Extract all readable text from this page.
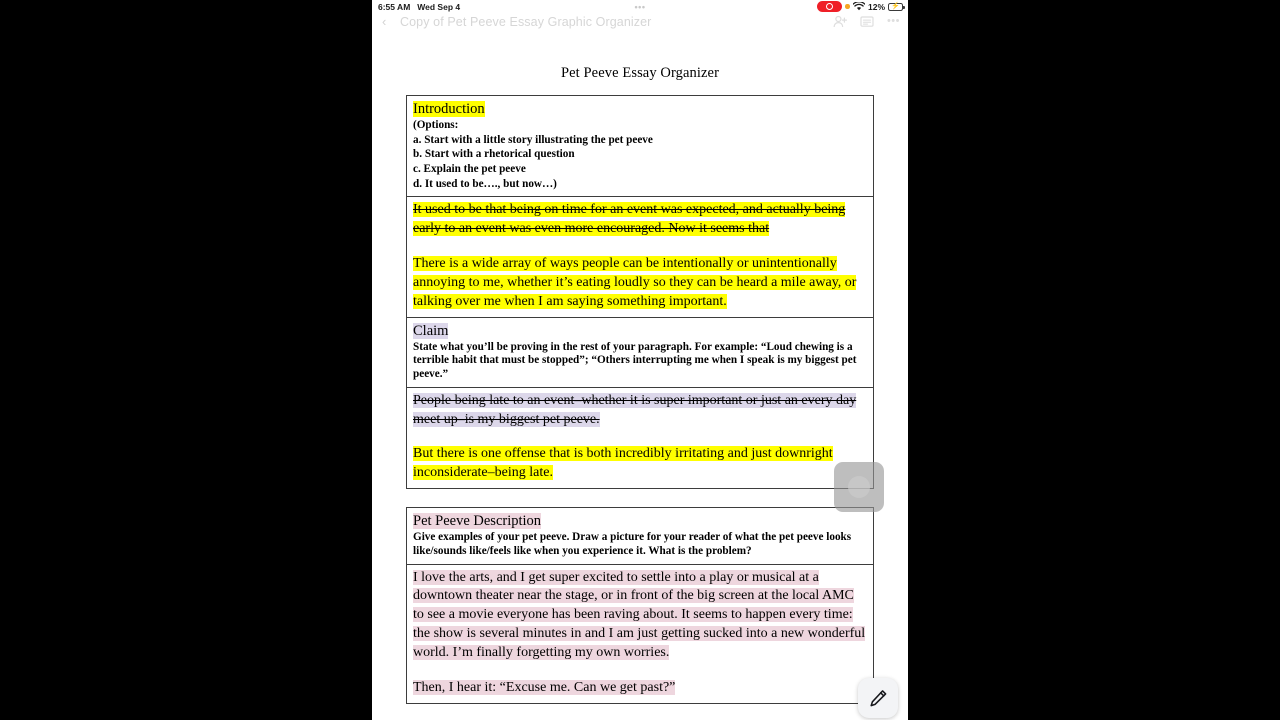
6:55 AM Wed Sep 4	•••	12% ⚡
‹ Copy of Pet Peeve Essay Graphic Organizer	•••
Pet Peeve Essay Organizer
Introduction
(Options:
a. Start with a little story illustrating the pet peeve
b. Start with a rhetorical question
c. Explain the pet peeve
d. It used to be…., but now…)
It used to be that being on time for an event was expected, and actually being early to an event was even more encouraged. Now it seems that
There is a wide array of ways people can be intentionally or unintentionally annoying to me, whether it’s eating loudly so they can be heard a mile away, or talking over me when I am saying something important.
Claim
State what you’ll be proving in the rest of your paragraph. For example: “Loud chewing is a terrible habit that must be stopped”; “Others interrupting me when I speak is my biggest pet peeve.”
People being late to an event–whether it is super important or just an every day meet up–is my biggest pet peeve.
But there is one offense that is both incredibly irritating and just downright inconsiderate–being late.
Pet Peeve Description
Give examples of your pet peeve. Draw a picture for your reader of what the pet peeve looks like/sounds like/feels like when you experience it. What is the problem?
I love the arts, and I get super excited to settle into a play or musical at a downtown theater near the stage, or in front of the big screen at the local AMC to see a movie everyone has been raving about. It seems to happen every time: the show is several minutes in and I am just getting sucked into a new wonderful world. I’m finally forgetting my own worries.
Then, I hear it: “Excuse me. Can we get past?”
